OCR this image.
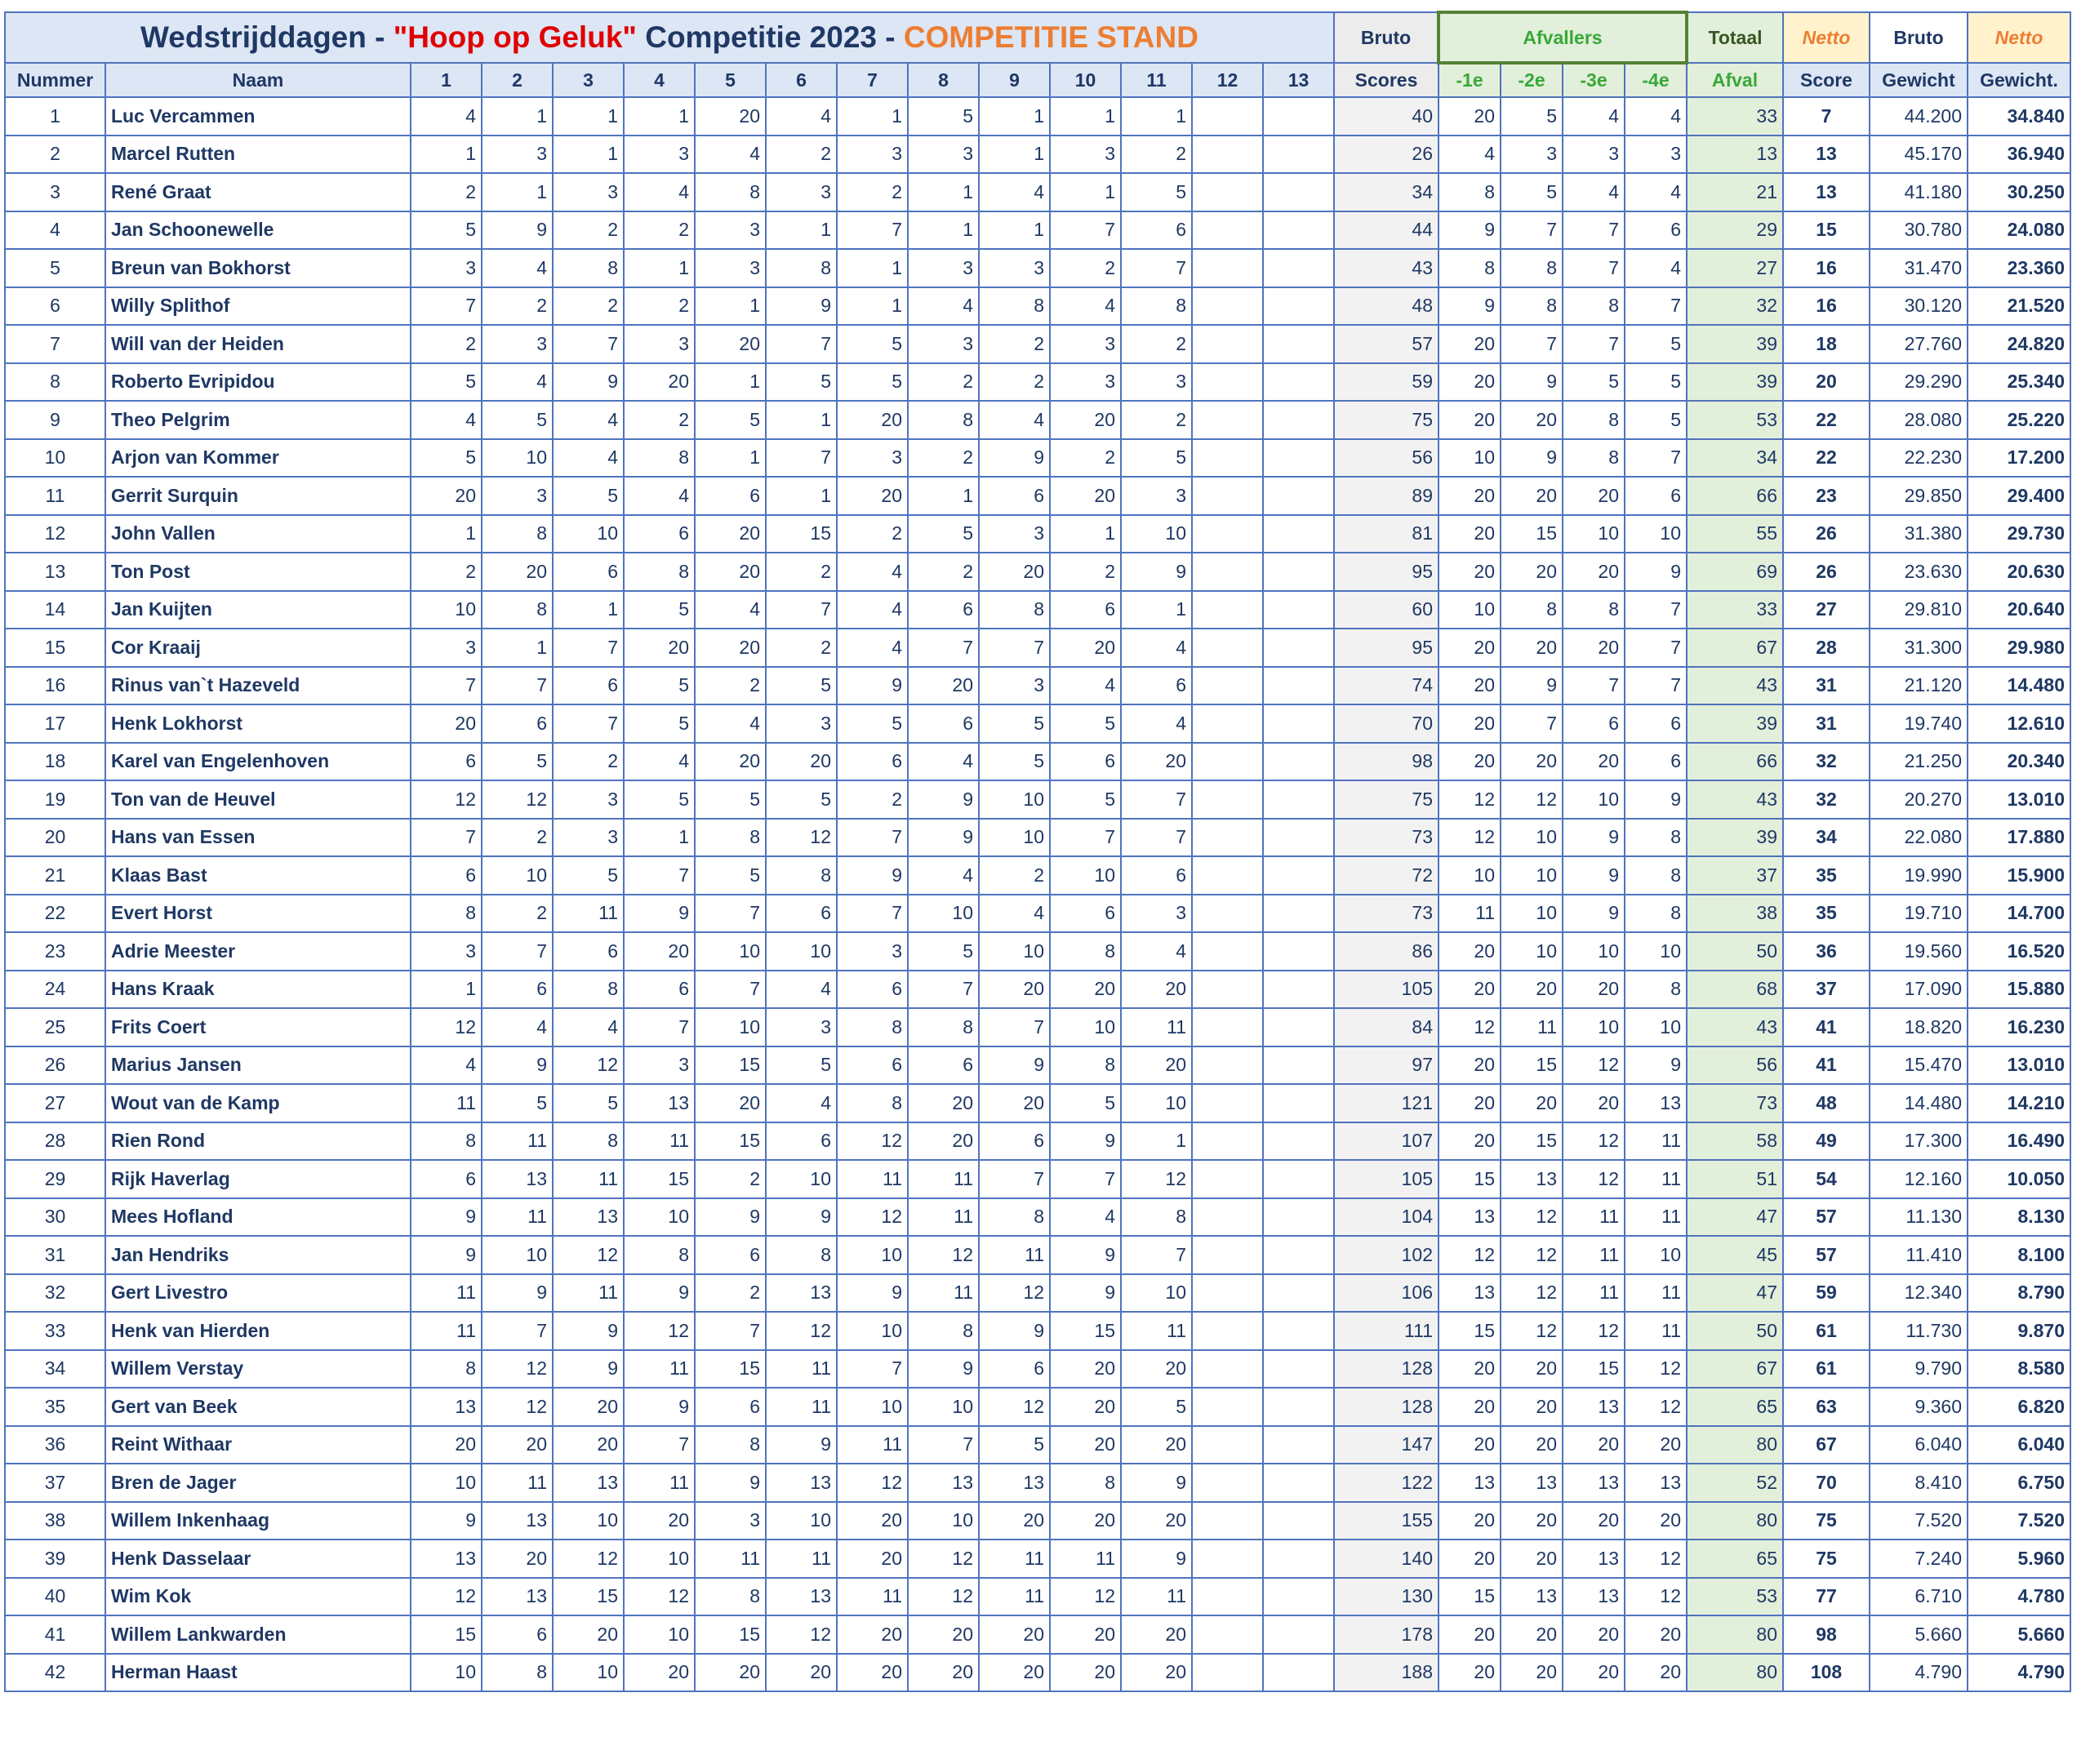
Wedstrijddagen - "Hoop op Geluk" Competitie 2023 - COMPETITIE STAND															Bruto	Afvallers				Totaal	Netto	Bruto	Netto
Nummer	Naam	1	2	3	4	5	6	7	8	9	10	11	12	13	Scores	-1e	-2e	-3e	-4e	Afval	Score	Gewicht	Gewicht.
1	Luc Vercammen	4	1	1	1	20	4	1	5	1	1	1			40	20	5	4	4	33	7	44.200	34.840
2	Marcel Rutten	1	3	1	3	4	2	3	3	1	3	2			26	4	3	3	3	13	13	45.170	36.940
3	René Graat	2	1	3	4	8	3	2	1	4	1	5			34	8	5	4	4	21	13	41.180	30.250
4	Jan Schoonewelle	5	9	2	2	3	1	7	1	1	7	6			44	9	7	7	6	29	15	30.780	24.080
5	Breun van Bokhorst	3	4	8	1	3	8	1	3	3	2	7			43	8	8	7	4	27	16	31.470	23.360
6	Willy Splithof	7	2	2	2	1	9	1	4	8	4	8			48	9	8	8	7	32	16	30.120	21.520
7	Will van der Heiden	2	3	7	3	20	7	5	3	2	3	2			57	20	7	7	5	39	18	27.760	24.820
8	Roberto Evripidou	5	4	9	20	1	5	5	2	2	3	3			59	20	9	5	5	39	20	29.290	25.340
9	Theo Pelgrim	4	5	4	2	5	1	20	8	4	20	2			75	20	20	8	5	53	22	28.080	25.220
10	Arjon van Kommer	5	10	4	8	1	7	3	2	9	2	5			56	10	9	8	7	34	22	22.230	17.200
11	Gerrit Surquin	20	3	5	4	6	1	20	1	6	20	3			89	20	20	20	6	66	23	29.850	29.400
12	John Vallen	1	8	10	6	20	15	2	5	3	1	10			81	20	15	10	10	55	26	31.380	29.730
13	Ton Post	2	20	6	8	20	2	4	2	20	2	9			95	20	20	20	9	69	26	23.630	20.630
14	Jan Kuijten	10	8	1	5	4	7	4	6	8	6	1			60	10	8	8	7	33	27	29.810	20.640
15	Cor Kraaij	3	1	7	20	20	2	4	7	7	20	4			95	20	20	20	7	67	28	31.300	29.980
16	Rinus van`t Hazeveld	7	7	6	5	2	5	9	20	3	4	6			74	20	9	7	7	43	31	21.120	14.480
17	Henk Lokhorst	20	6	7	5	4	3	5	6	5	5	4			70	20	7	6	6	39	31	19.740	12.610
18	Karel van Engelenhoven	6	5	2	4	20	20	6	4	5	6	20			98	20	20	20	6	66	32	21.250	20.340
19	Ton van de Heuvel	12	12	3	5	5	5	2	9	10	5	7			75	12	12	10	9	43	32	20.270	13.010
20	Hans van Essen	7	2	3	1	8	12	7	9	10	7	7			73	12	10	9	8	39	34	22.080	17.880
21	Klaas Bast	6	10	5	7	5	8	9	4	2	10	6			72	10	10	9	8	37	35	19.990	15.900
22	Evert Horst	8	2	11	9	7	6	7	10	4	6	3			73	11	10	9	8	38	35	19.710	14.700
23	Adrie Meester	3	7	6	20	10	10	3	5	10	8	4			86	20	10	10	10	50	36	19.560	16.520
24	Hans Kraak	1	6	8	6	7	4	6	7	20	20	20			105	20	20	20	8	68	37	17.090	15.880
25	Frits Coert	12	4	4	7	10	3	8	8	7	10	11			84	12	11	10	10	43	41	18.820	16.230
26	Marius Jansen	4	9	12	3	15	5	6	6	9	8	20			97	20	15	12	9	56	41	15.470	13.010
27	Wout van de Kamp	11	5	5	13	20	4	8	20	20	5	10			121	20	20	20	13	73	48	14.480	14.210
28	Rien Rond	8	11	8	11	15	6	12	20	6	9	1			107	20	15	12	11	58	49	17.300	16.490
29	Rijk Haverlag	6	13	11	15	2	10	11	11	7	7	12			105	15	13	12	11	51	54	12.160	10.050
30	Mees Hofland	9	11	13	10	9	9	12	11	8	4	8			104	13	12	11	11	47	57	11.130	8.130
31	Jan Hendriks	9	10	12	8	6	8	10	12	11	9	7			102	12	12	11	10	45	57	11.410	8.100
32	Gert Livestro	11	9	11	9	2	13	9	11	12	9	10			106	13	12	11	11	47	59	12.340	8.790
33	Henk van Hierden	11	7	9	12	7	12	10	8	9	15	11			111	15	12	12	11	50	61	11.730	9.870
34	Willem Verstay	8	12	9	11	15	11	7	9	6	20	20			128	20	20	15	12	67	61	9.790	8.580
35	Gert van Beek	13	12	20	9	6	11	10	10	12	20	5			128	20	20	13	12	65	63	9.360	6.820
36	Reint Withaar	20	20	20	7	8	9	11	7	5	20	20			147	20	20	20	20	80	67	6.040	6.040
37	Bren de Jager	10	11	13	11	9	13	12	13	13	8	9			122	13	13	13	13	52	70	8.410	6.750
38	Willem Inkenhaag	9	13	10	20	3	10	20	10	20	20	20			155	20	20	20	20	80	75	7.520	7.520
39	Henk Dasselaar	13	20	12	10	11	11	20	12	11	11	9			140	20	20	13	12	65	75	7.240	5.960
40	Wim Kok	12	13	15	12	8	13	11	12	11	12	11			130	15	13	13	12	53	77	6.710	4.780
41	Willem Lankwarden	15	6	20	10	15	12	20	20	20	20	20			178	20	20	20	20	80	98	5.660	5.660
42	Herman Haast	10	8	10	20	20	20	20	20	20	20	20			188	20	20	20	20	80	108	4.790	4.790
